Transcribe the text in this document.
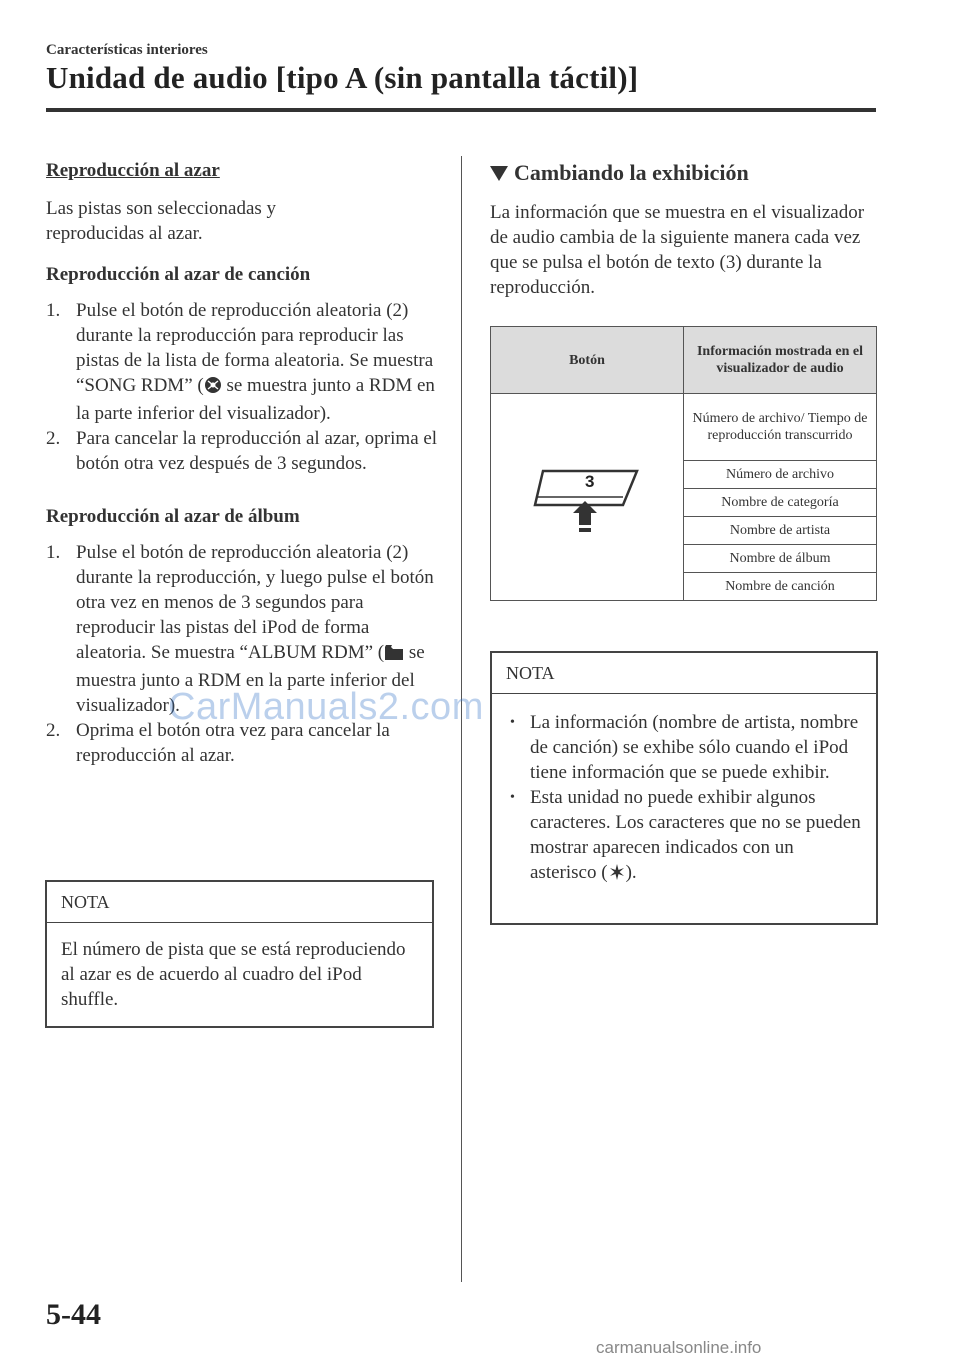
Características interiores
Unidad de audio [tipo A (sin pantalla táctil)]
Reproducción al azar
Las pistas son seleccionadas y reproducidas al azar.
Reproducción al azar de canción
1. Pulse el botón de reproducción aleatoria (2) durante la reproducción para reproducir las pistas de la lista de forma aleatoria. Se muestra “SONG RDM” ( se muestra junto a RDM en la parte inferior del visualizador).
2. Para cancelar la reproducción al azar, oprima el botón otra vez después de 3 segundos.
Reproducción al azar de álbum
1. Pulse el botón de reproducción aleatoria (2) durante la reproducción, y luego pulse el botón otra vez en menos de 3 segundos para reproducir las pistas del iPod de forma aleatoria. Se muestra “ALBUM RDM” ( se muestra junto a RDM en la parte inferior del visualizador).
2. Oprima el botón otra vez para cancelar la reproducción al azar.
NOTA
El número de pista que se está reproduciendo al azar es de acuerdo al cuadro del iPod shuffle.
Cambiando la exhibición
La información que se muestra en el visualizador de audio cambia de la siguiente manera cada vez que se pulsa el botón de texto (3) durante la reproducción.
Botón	Información mostrada en el visualizador de audio

3	Número de archivo/ Tiempo de reproducción transcurrido
	Número de archivo
	Nombre de categoría
	Nombre de artista
	Nombre de álbum
	Nombre de canción
NOTA
• La información (nombre de artista, nombre de canción) se exhibe sólo cuando el iPod tiene información que se puede exhibir.
• Esta unidad no puede exhibir algunos caracteres. Los caracteres que no se pueden mostrar aparecen indicados con un asterisco ( ).
CarManuals2.com
5-44
carmanualsonline.info
